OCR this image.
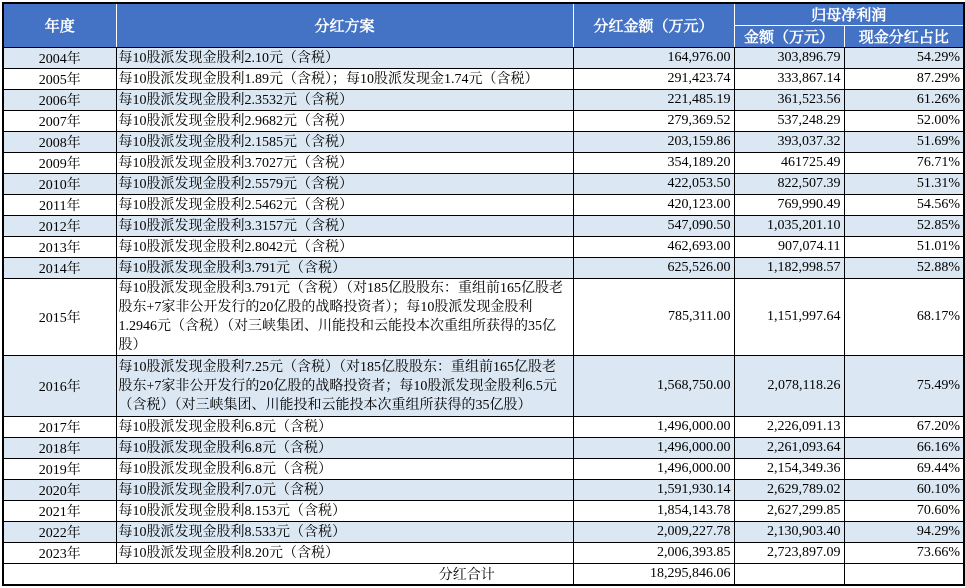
年度	分红方案	分红金额（万元）	归母净利润	
			金额（万元）	现金分红占比
2004年	每10股派发现金股利2.10元（含税）	164,976.00	303,896.79	54.29%
2005年	每10股派发现金股利1.89元（含税）；每10股派发现金1.74元（含税）	291,423.74	333,867.14	87.29%
2006年	每10股派发现金股利2.3532元（含税）	221,485.19	361,523.56	61.26%
2007年	每10股派发现金股利2.9682元（含税）	279,369.52	537,248.29	52.00%
2008年	每10股派发现金股利2.1585元（含税）	203,159.86	393,037.32	51.69%
2009年	每10股派发现金股利3.7027元（含税）	354,189.20	461725.49	76.71%
2010年	每10股派发现金股利2.5579元（含税）	422,053.50	822,507.39	51.31%
2011年	每10股派发现金股利2.5462元（含税）	420,123.00	769,990.49	54.56%
2012年	每10股派发现金股利3.3157元（含税）	547,090.50	1,035,201.10	52.85%
2013年	每10股派发现金股利2.8042元（含税）	462,693.00	907,074.11	51.01%
2014年	每10股派发现金股利3.791元（含税）	625,526.00	1,182,998.57	52.88%
2015年	每10股派发现金股利3.791元（含税）（对185亿股股东：重组前165亿股老股东+7家非公开发行的20亿股的战略投资者）；每10股派发现金股利1.2946元（含税）（对三峡集团、川能投和云能投本次重组所获得的35亿股）	785,311.00	1,151,997.64	68.17%
2016年	每10股派发现金股利7.25元（含税）（对185亿股股东：重组前165亿股老股东+7家非公开发行的20亿股的战略投资者；每10股派发现金股利6.5元（含税）（对三峡集团、川能投和云能投本次重组所获得的35亿股）	1,568,750.00	2,078,118.26	75.49%
2017年	每10股派发现金股利6.8元（含税）	1,496,000.00	2,226,091.13	67.20%
2018年	每10股派发现金股利6.8元（含税）	1,496,000.00	2,261,093.64	66.16%
2019年	每10股派发现金股利6.8元（含税）	1,496,000.00	2,154,349.36	69.44%
2020年	每10股派发现金股利7.0元（含税）	1,591,930.14	2,629,789.02	60.10%
2021年	每10股派发现金股利8.153元（含税）	1,854,143.78	2,627,299.85	70.60%
2022年	每10股派发现金股利8.533元（含税）	2,009,227.78	2,130,903.40	94.29%
2023年	每10股派发现金股利8.20元（含税）	2,006,393.85	2,723,897.09	73.66%
分红合计		18,295,846.06		
